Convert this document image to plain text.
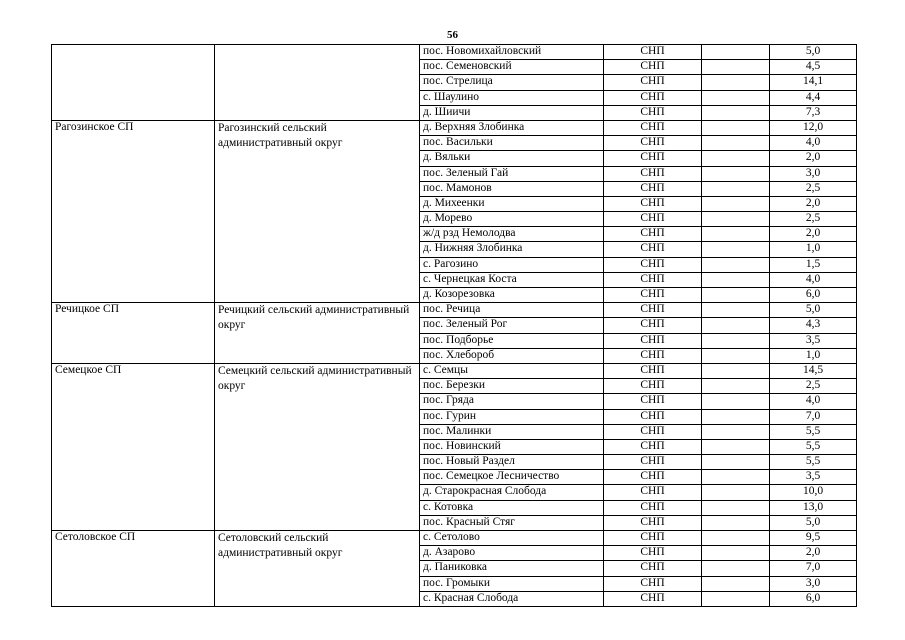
56
		пос. Новомихайловский	СНП		5,0
		пос. Семеновский	СНП		4,5
		пос. Стрелица	СНП		14,1
		с. Шаулино	СНП		4,4
		д. Шиичи	СНП		7,3
Рагозинское СП	Рагозинский сельский административный округ	д. Верхняя Злобинка	СНП		12,0
		пос. Васильки	СНП		4,0
		д. Вяльки	СНП		2,0
		пос. Зеленый Гай	СНП		3,0
		пос. Мамонов	СНП		2,5
		д. Михеенки	СНП		2,0
		д. Морево	СНП		2,5
		ж/д рзд Немолодва	СНП		2,0
		д. Нижняя Злобинка	СНП		1,0
		с. Рагозино	СНП		1,5
		с. Чернецкая Коста	СНП		4,0
		д. Козорезовка	СНП		6,0
Речицкое СП	Речицкий сельский административный округ	пос. Речица	СНП		5,0
		пос. Зеленый Рог	СНП		4,3
		пос. Подборье	СНП		3,5
		пос. Хлебороб	СНП		1,0
Семецкое СП	Семецкий сельский административный округ	с. Семцы	СНП		14,5
		пос. Березки	СНП		2,5
		пос. Гряда	СНП		4,0
		пос. Гурин	СНП		7,0
		пос. Малинки	СНП		5,5
		пос. Новинский	СНП		5,5
		пос. Новый Раздел	СНП		5,5
		пос. Семецкое Лесничество	СНП		3,5
		д. Старокрасная Слобода	СНП		10,0
		с. Котовка	СНП		13,0
		пос. Красный Стяг	СНП		5,0
Сетоловское СП	Сетоловский сельский административный округ	с. Сетолово	СНП		9,5
		д. Азарово	СНП		2,0
		д. Паниковка	СНП		7,0
		пос. Громыки	СНП		3,0
		с. Красная Слобода	СНП		6,0
